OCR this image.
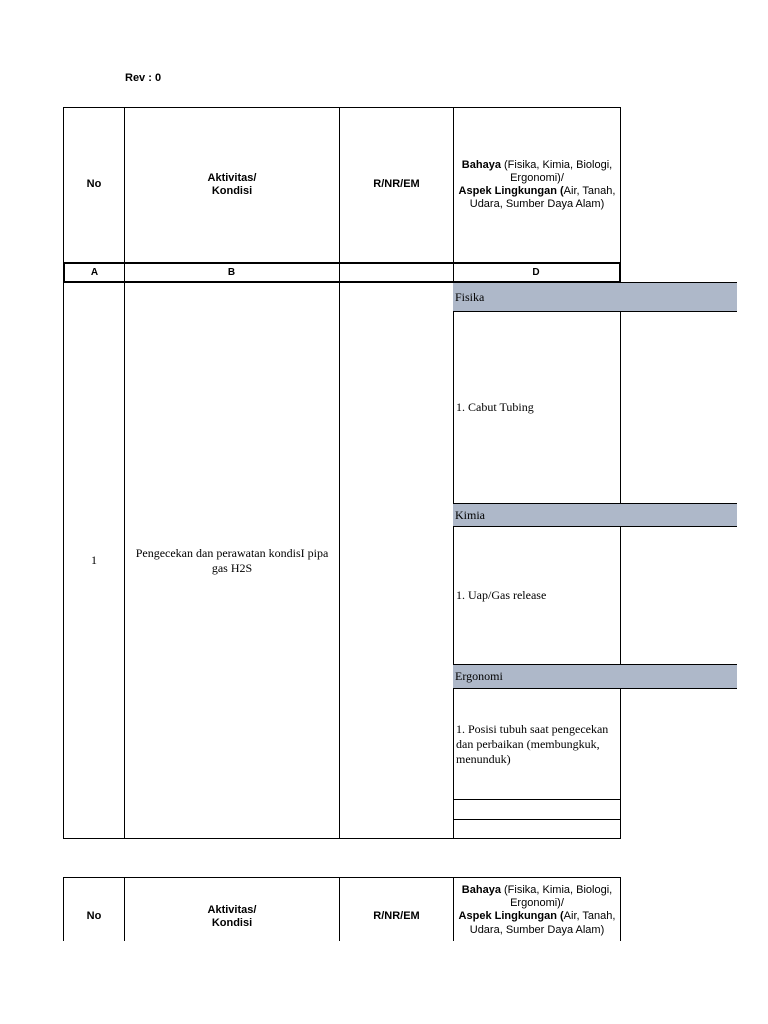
Rev : 0
No
Aktivitas/
Kondisi
R/NR/EM
Bahaya (Fisika, Kimia, Biologi, Ergonomi)/
Aspek Lingkungan (Air, Tanah, Udara, Sumber Daya Alam)
A	B	D
1
Pengecekan dan perawatan kondisI pipa gas H2S
Fisika
1. Cabut Tubing
Kimia
1. Uap/Gas release
Ergonomi
1. Posisi tubuh saat pengecekan dan perbaikan (membungkuk, menunduk)
No
Aktivitas/
Kondisi
R/NR/EM
Bahaya (Fisika, Kimia, Biologi, Ergonomi)/
Aspek Lingkungan (Air, Tanah, Udara, Sumber Daya Alam)
